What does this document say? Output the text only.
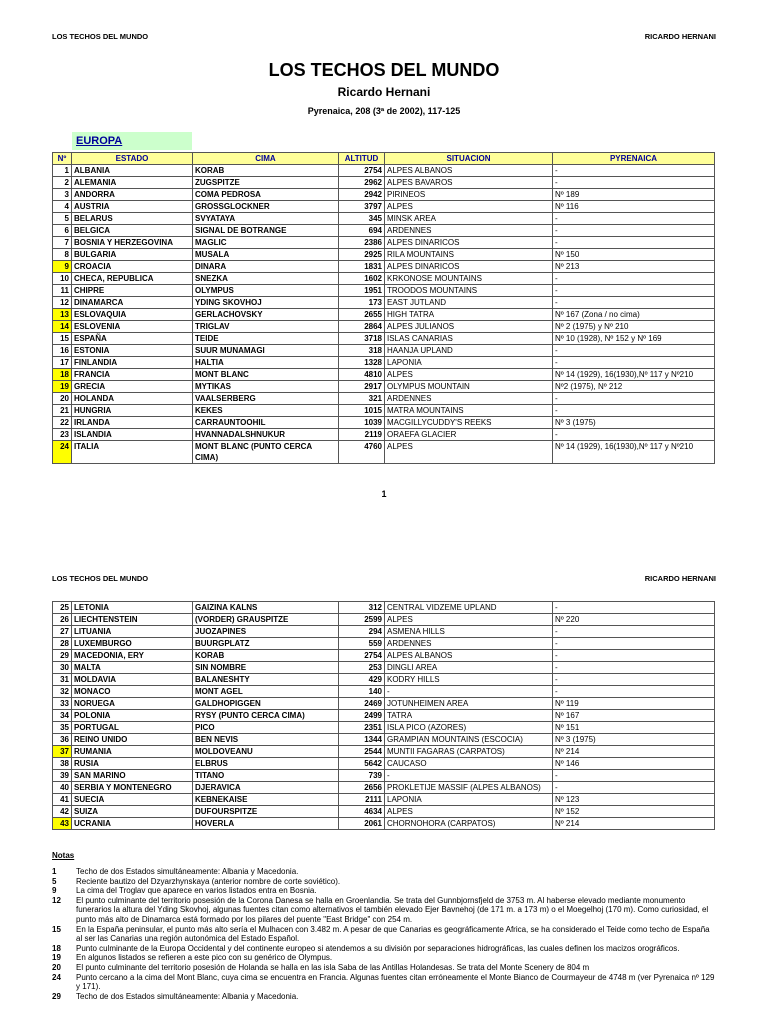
LOS TECHOS DEL MUNDO	RICARDO HERNANI
LOS TECHOS DEL MUNDO
Ricardo Hernani
Pyrenaica, 208 (3ª de 2002), 117-125
EUROPA
Nº	ESTADO	CIMA	ALTITUD	SITUACION	PYRENAICA
1	ALBANIA	KORAB	2754	ALPES ALBANOS	-
2	ALEMANIA	ZUGSPITZE	2962	ALPES BAVAROS	-
3	ANDORRA	COMA PEDROSA	2942	PIRINEOS	Nº 189
4	AUSTRIA	GROSSGLOCKNER	3797	ALPES	Nº 116
5	BELARUS	SVYATAYA	345	MINSK AREA	-
6	BELGICA	SIGNAL DE BOTRANGE	694	ARDENNES	-
7	BOSNIA Y HERZEGOVINA	MAGLIC	2386	ALPES DINARICOS	-
8	BULGARIA	MUSALA	2925	RILA MOUNTAINS	Nº 150
9	CROACIA	DINARA	1831	ALPES DINARICOS	Nº 213
10	CHECA, REPUBLICA	SNEZKA	1602	KRKONOSE MOUNTAINS	-
11	CHIPRE	OLYMPUS	1951	TROODOS MOUNTAINS	-
12	DINAMARCA	YDING SKOVHOJ	173	EAST JUTLAND	-
13	ESLOVAQUIA	GERLACHOVSKY	2655	HIGH TATRA	Nº 167 (Zona / no cima)
14	ESLOVENIA	TRIGLAV	2864	ALPES JULIANOS	Nº 2 (1975) y Nº 210
15	ESPAÑA	TEIDE	3718	ISLAS CANARIAS	Nº 10 (1928), Nº 152 y Nº 169
16	ESTONIA	SUUR MUNAMAGI	318	HAANJA UPLAND	-
17	FINLANDIA	HALTIA	1328	LAPONIA	-
18	FRANCIA	MONT BLANC	4810	ALPES	Nº 14 (1929), 16(1930),Nº 117 y Nº210
19	GRECIA	MYTIKAS	2917	OLYMPUS MOUNTAIN	Nº2 (1975), Nº 212
20	HOLANDA	VAALSERBERG	321	ARDENNES	-
21	HUNGRIA	KEKES	1015	MATRA MOUNTAINS	-
22	IRLANDA	CARRAUNTOOHIL	1039	MACGILLYCUDDY'S REEKS	Nº 3 (1975)
23	ISLANDIA	HVANNADALSHNUKUR	2119	ORAEFA GLACIER	-
24	ITALIA	MONT BLANC (PUNTO CERCA CIMA)	4760	ALPES	Nº 14 (1929), 16(1930),Nº 117 y Nº210
1
LOS TECHOS DEL MUNDO	RICARDO HERNANI
25	LETONIA	GAIZINA KALNS	312	CENTRAL VIDZEME UPLAND	-
26	LIECHTENSTEIN	(VORDER) GRAUSPITZE	2599	ALPES	Nº 220
27	LITUANIA	JUOZAPINES	294	ASMENA HILLS	-
28	LUXEMBURGO	BUURGPLATZ	559	ARDENNES	-
29	MACEDONIA, ERY	KORAB	2754	ALPES ALBANOS	-
30	MALTA	SIN NOMBRE	253	DINGLI AREA	-
31	MOLDAVIA	BALANESHTY	429	KODRY HILLS	-
32	MONACO	MONT AGEL	140	-	-
33	NORUEGA	GALDHOPIGGEN	2469	JOTUNHEIMEN AREA	Nº 119
34	POLONIA	RYSY (PUNTO CERCA CIMA)	2499	TATRA	Nº 167
35	PORTUGAL	PICO	2351	ISLA PICO (AZORES)	Nº 151
36	REINO UNIDO	BEN NEVIS	1344	GRAMPIAN MOUNTAINS (ESCOCIA)	Nº 3 (1975)
37	RUMANIA	MOLDOVEANU	2544	MUNTII FAGARAS (CARPATOS)	Nº 214
38	RUSIA	ELBRUS	5642	CAUCASO	Nº 146
39	SAN MARINO	TITANO	739	-	-
40	SERBIA Y MONTENEGRO	DJERAVICA	2656	PROKLETIJE MASSIF (ALPES ALBANOS)	-
41	SUECIA	KEBNEKAISE	2111	LAPONIA	Nº 123
42	SUIZA	DUFOURSPITZE	4634	ALPES	Nº 152
43	UCRANIA	HOVERLA	2061	CHORNOHORA (CARPATOS)	Nº 214
Notas
1	Techo de dos Estados simultáneamente: Albania y Macedonia.
5	Reciente bautizo del Dzyarzhynskaya (anterior nombre de corte soviético).
9	La cima del Troglav que aparece en varios listados entra en Bosnia.
12	El punto culminante del territorio posesión de la Corona Danesa se halla en Groenlandia. Se trata del Gunnbjornsfjeld de 3753 m. Al haberse elevado mediante monumento funerarios la altura del Yding Skovhoj, algunas fuentes citan como alternativos el también elevado Ejer Bavnehoj (de 171 m. a 173 m) o el Moegelhoj (170 m). Como curiosidad, el punto más alto de Dinamarca está formado por los pilares del puente "East Bridge" con 254 m.
15	En la España peninsular, el punto más alto sería el Mulhacen con 3.482 m. A pesar de que Canarias es geográficamente Africa, se ha considerado el Teide como techo de España al ser las Canarias una región autonómica del Estado Español.
18	Punto culminante de la Europa Occidental y del continente europeo si atendemos a su división por separaciones hidrográficas, las cuales definen los macizos orográficos.
19	En algunos listados se refieren a este pico con su genérico de Olympus.
20	El punto culminante del territorio posesión de Holanda se halla en las isla Saba de las Antillas Holandesas. Se trata del Monte Scenery de 804 m
24	Punto cercano a la cima del Mont Blanc, cuya cima se encuentra en Francia. Algunas fuentes citan erróneamente el Monte Bianco de Courmayeur de 4748 m (ver Pyrenaica nº 129 y 171).
29	Techo de dos Estados simultáneamente: Albania y Macedonia.
